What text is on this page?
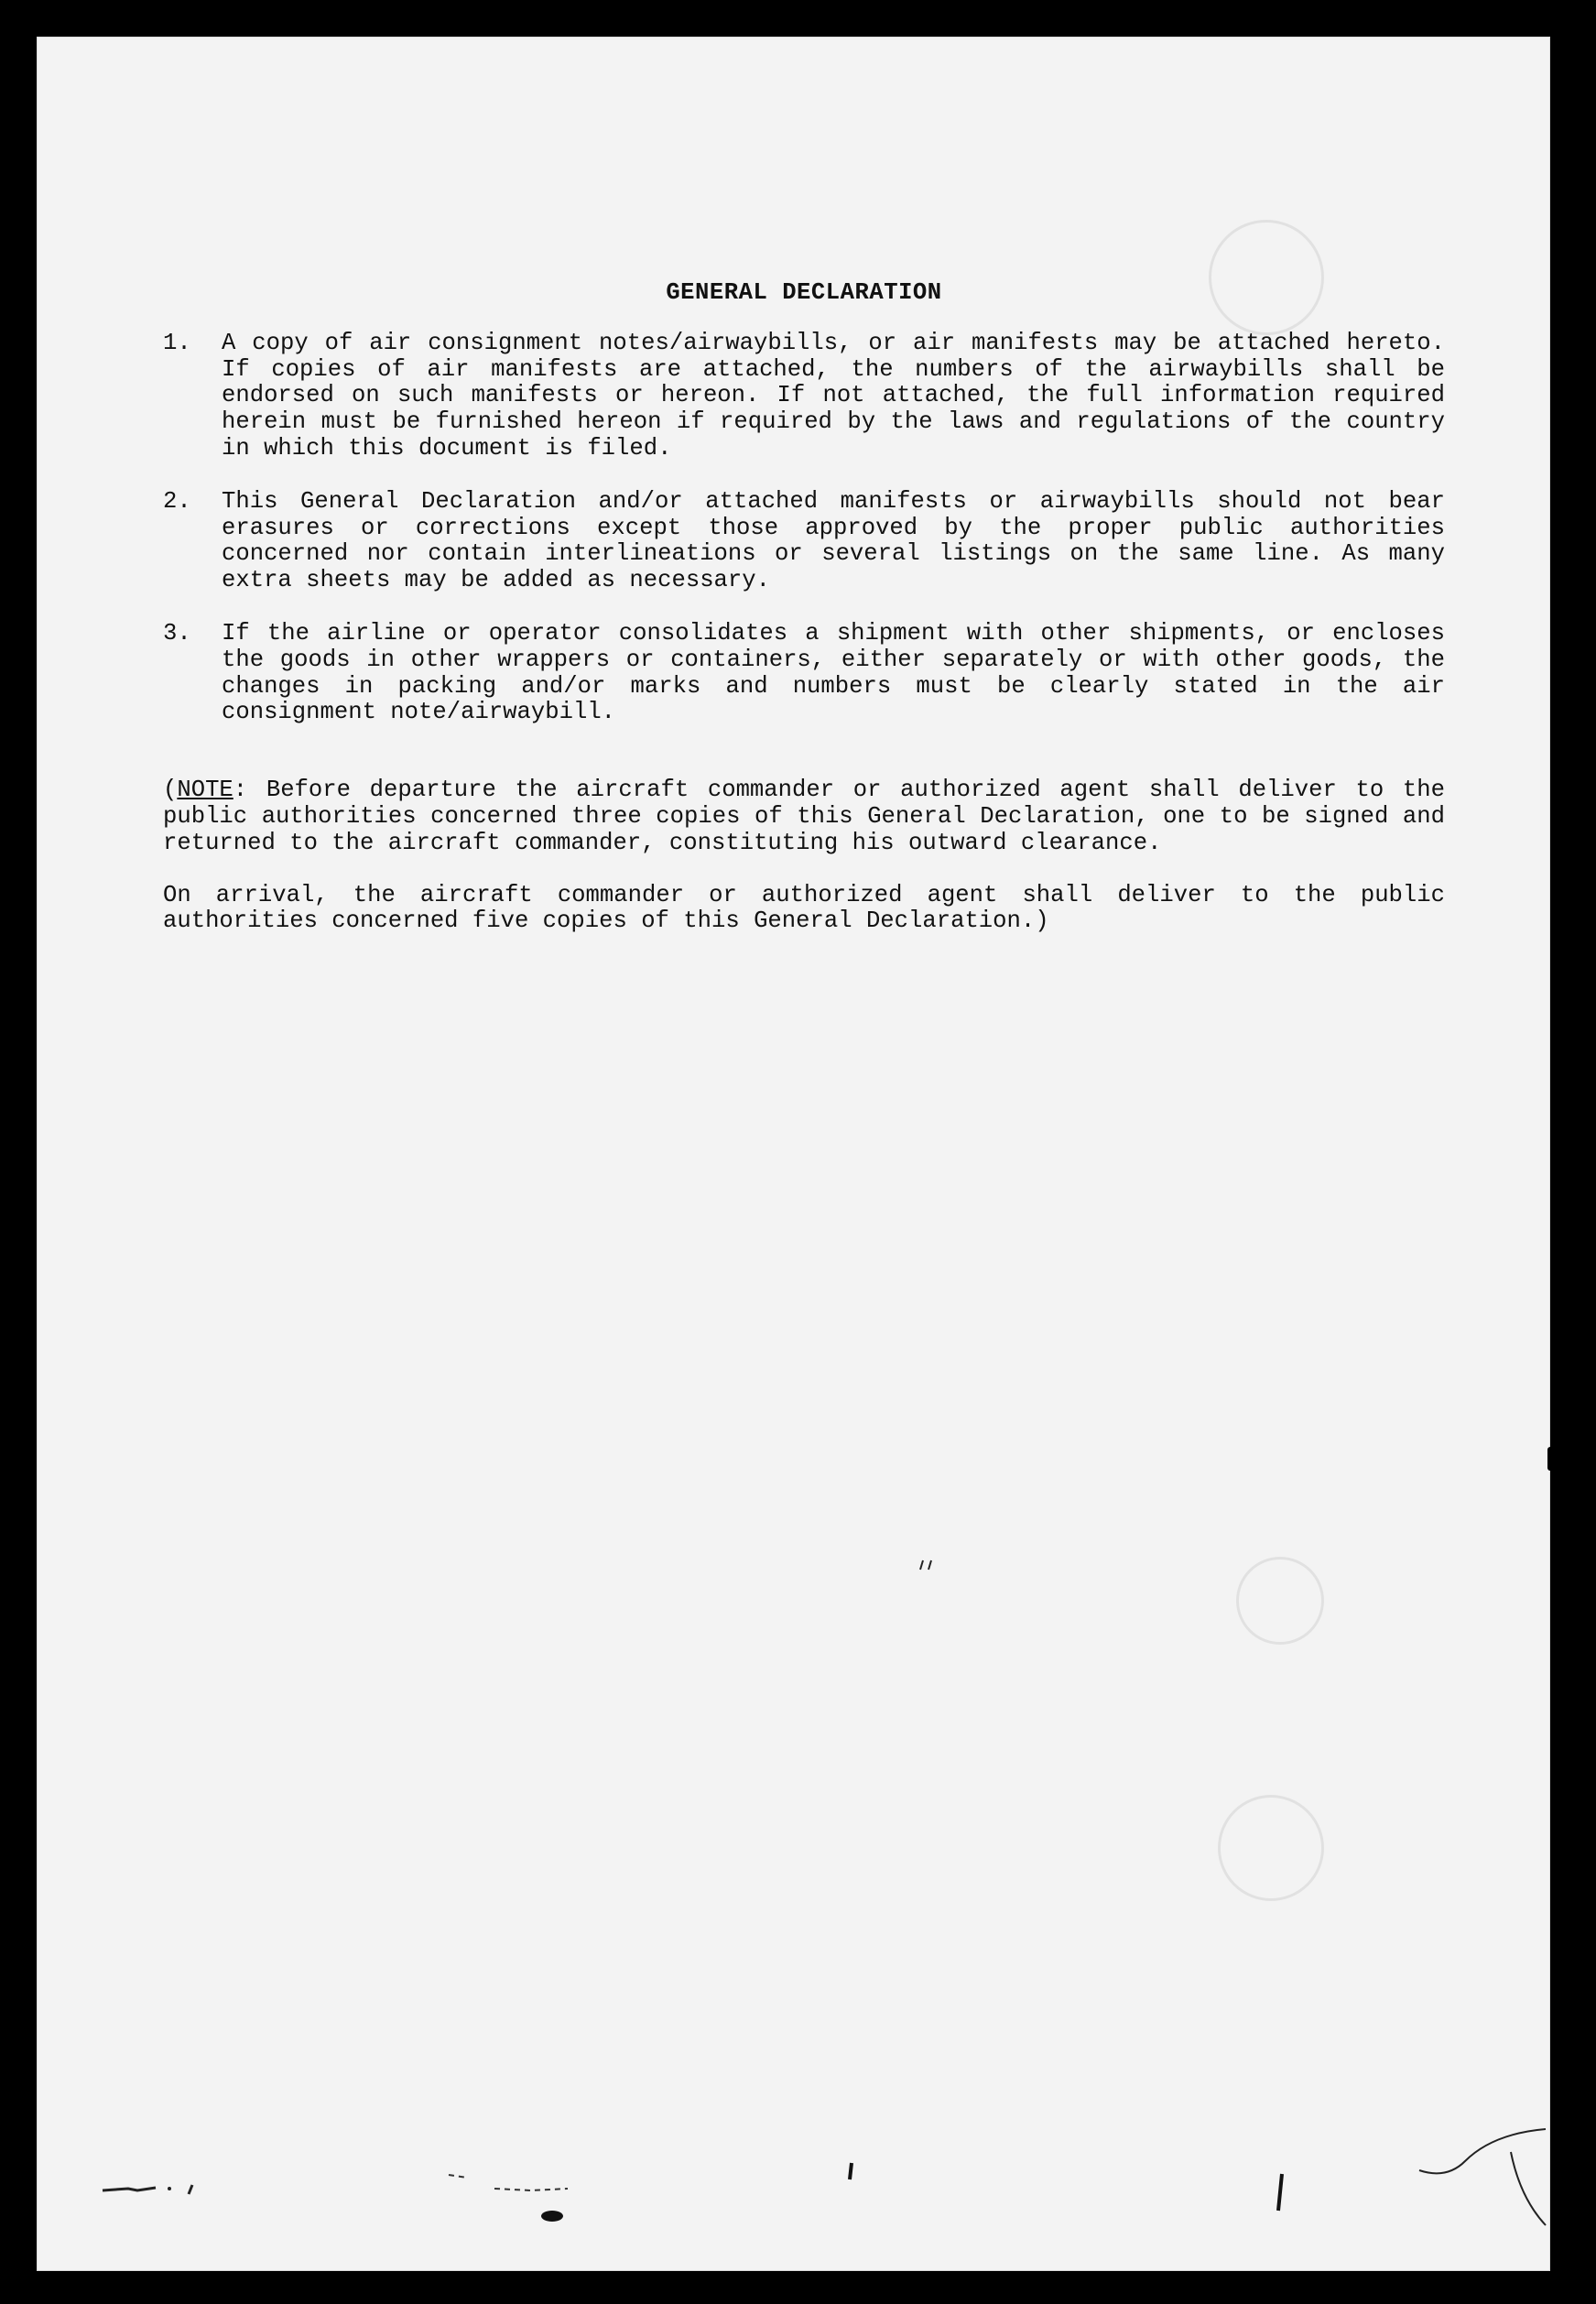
​
GENERAL DECLARATION
1.	A copy of air consignment notes/airwaybills, or air manifests may be attached hereto. If copies of air manifests are attached, the numbers of the airwaybills shall be endorsed on such manifests or hereon. If not attached, the full information required herein must be furnished hereon if required by the laws and regulations of the country in which this document is filed.
2.	This General Declaration and/or attached manifests or airwaybills should not bear erasures or corrections except those approved by the proper public authorities concerned nor contain interlineations or several listings on the same line. As many extra sheets may be added as necessary.
3.	If the airline or operator consolidates a shipment with other shipments, or encloses the goods in other wrappers or containers, either separately or with other goods, the changes in packing and/or marks and numbers must be clearly stated in the air consignment note/airwaybill.
(NOTE: Before departure the aircraft commander or authorized agent shall deliver to the public authorities concerned three copies of this General Declaration, one to be signed and returned to the aircraft commander, constituting his outward clearance.
On arrival, the aircraft commander or authorized agent shall deliver to the public authorities concerned five copies of this General Declaration.)
